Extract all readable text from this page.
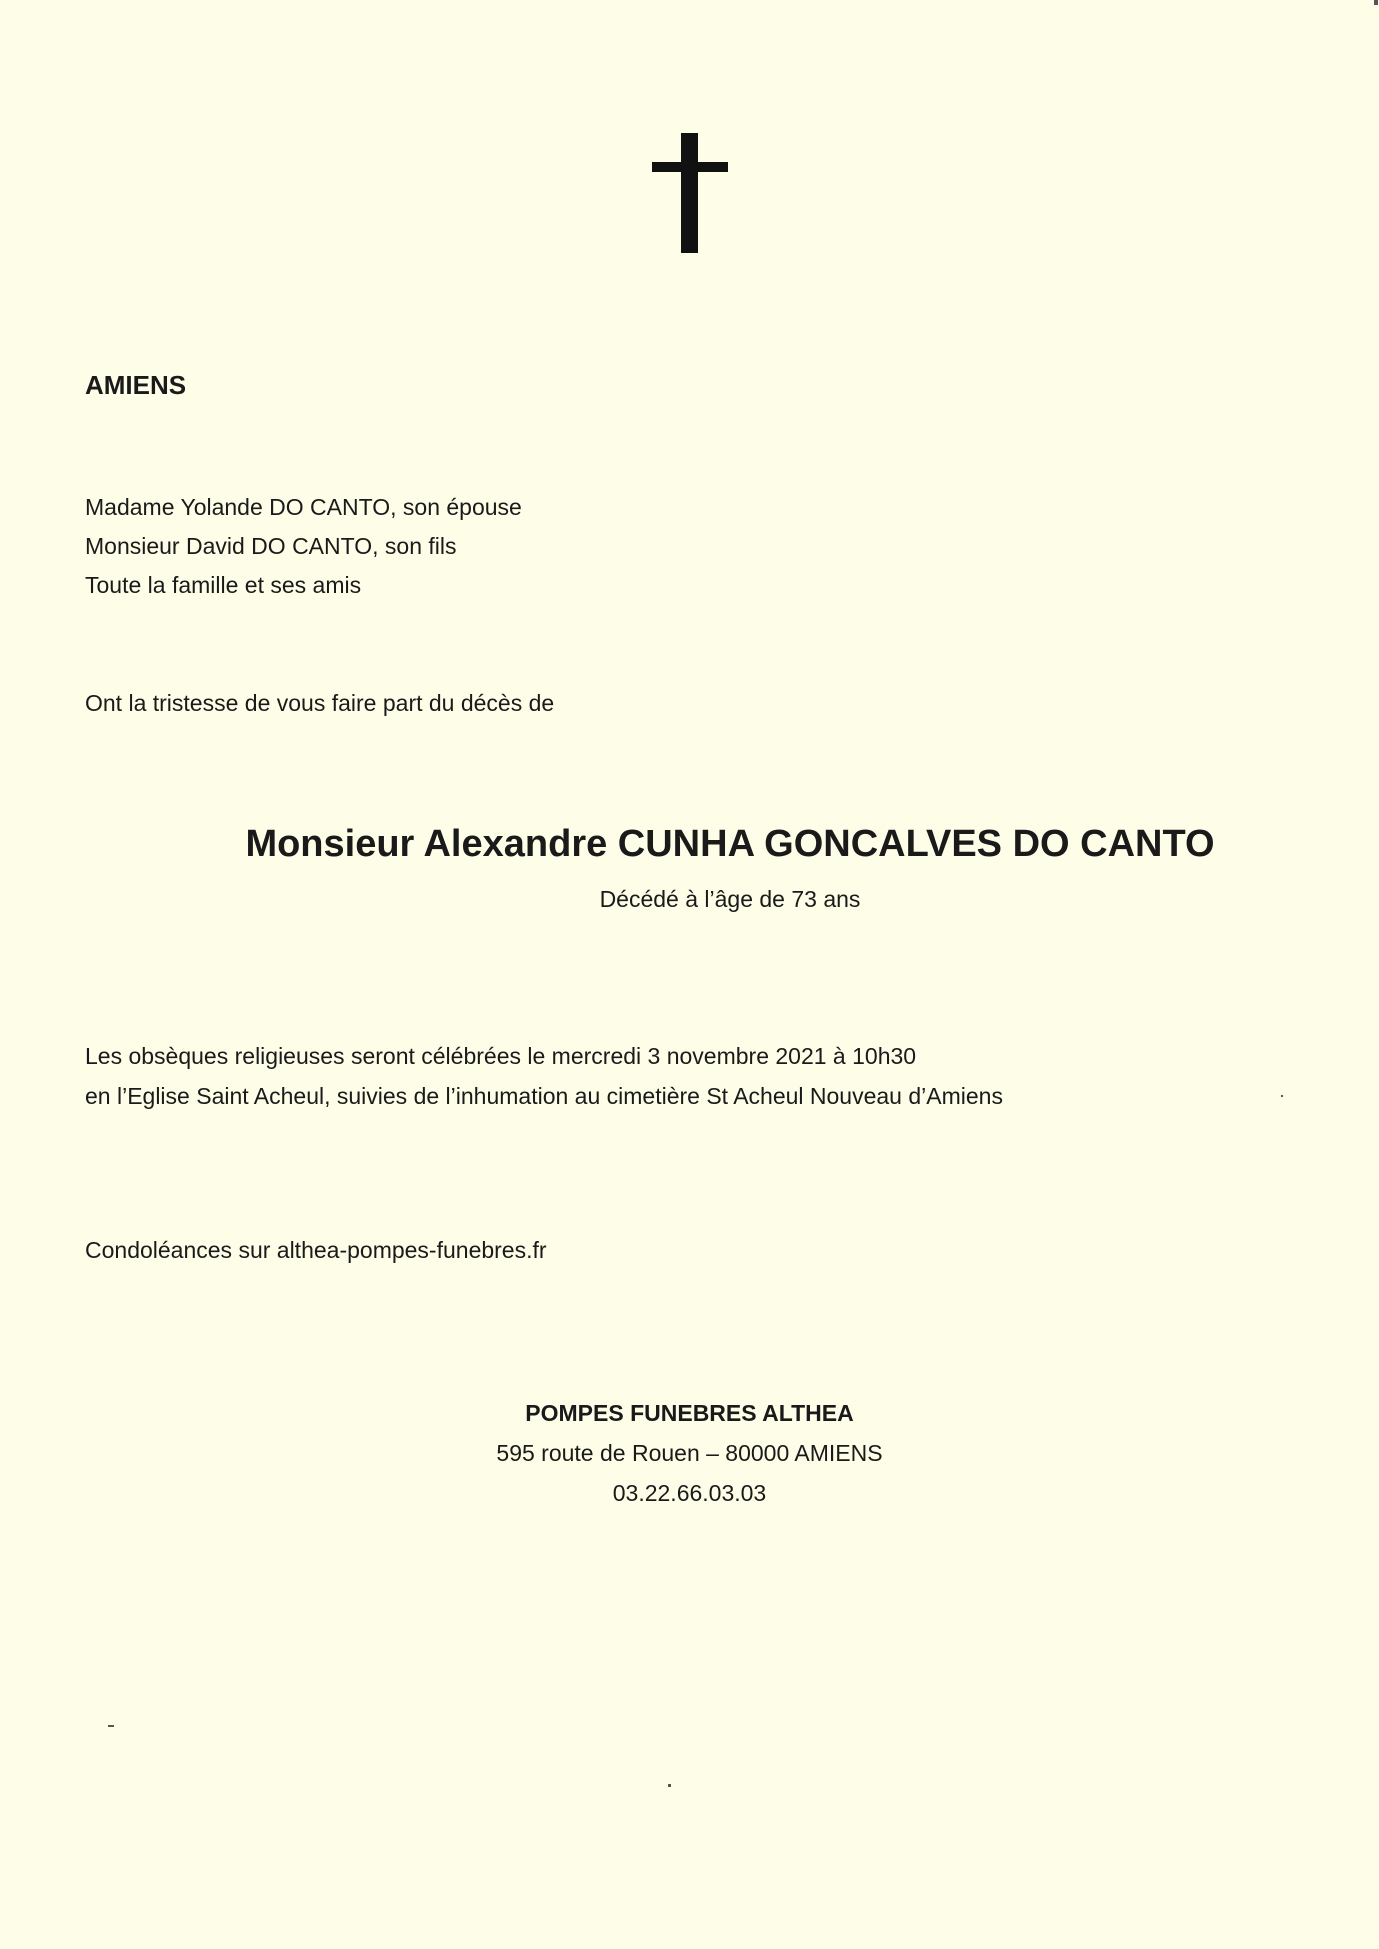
AMIENS
Madame Yolande DO CANTO, son épouse
Monsieur David DO CANTO, son fils
Toute la famille et ses amis
Ont la tristesse de vous faire part du décès de
Monsieur Alexandre CUNHA GONCALVES DO CANTO
Décédé à l’âge de 73 ans
Les obsèques religieuses seront célébrées le mercredi 3 novembre 2021 à 10h30
en l’Eglise Saint Acheul, suivies de l’inhumation au cimetière St Acheul Nouveau d’Amiens
Condoléances sur althea-pompes-funebres.fr
POMPES FUNEBRES ALTHEA
595 route de Rouen – 80000 AMIENS
03.22.66.03.03
